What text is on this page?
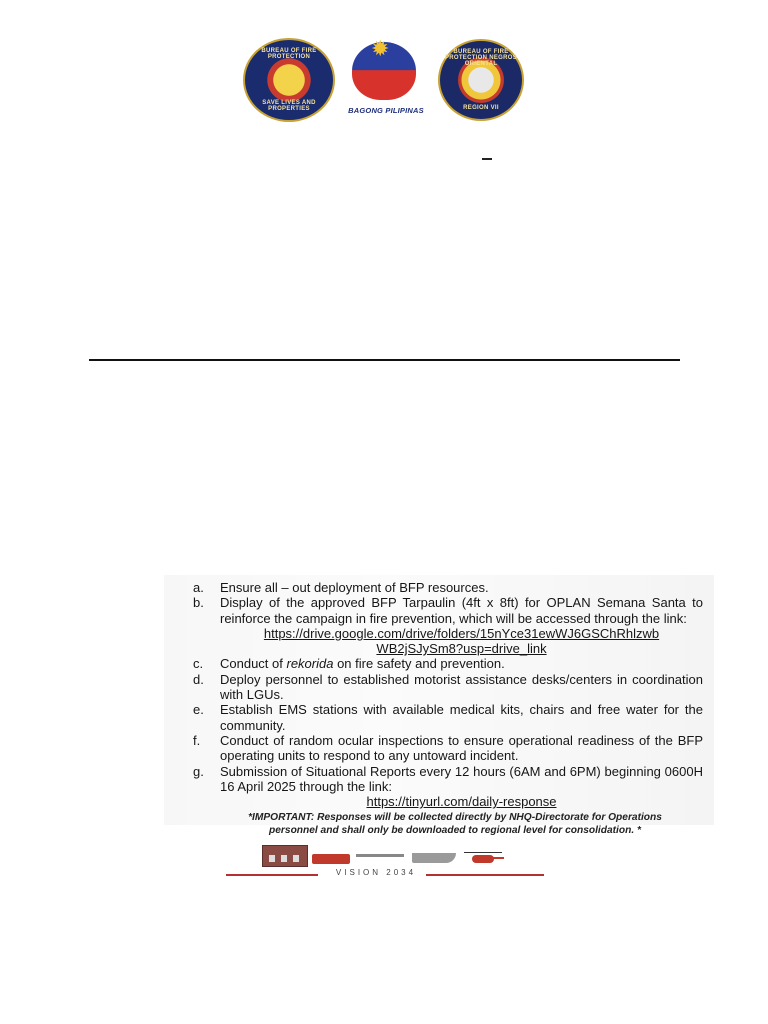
BUREAU OF FIRE PROTECTION
SAVE LIVES AND PROPERTIES
✹
BAGONG PILIPINAS
BUREAU OF FIRE PROTECTION NEGROS ORIENTAL
REGION VII
a.	Ensure all – out deployment of BFP resources.
b.	Display of the approved BFP Tarpaulin (4ft x 8ft) for OPLAN Semana Santa to reinforce the campaign in fire prevention, which will be accessed through the link:
https://drive.google.com/drive/folders/15nYce31ewWJ6GSChRhlzwb
WB2jSJySm8?usp=drive_link
c.	Conduct of rekorida on fire safety and prevention.
d.	Deploy personnel to established motorist assistance desks/centers in coordination with LGUs.
e.	Establish EMS stations with available medical kits, chairs and free water for the community.
f.	Conduct of random ocular inspections to ensure operational readiness of the BFP operating units to respond to any untoward incident.
g.	Submission of Situational Reports every 12 hours (6AM and 6PM) beginning 0600H 16 April 2025 through the link:
https://tinyurl.com/daily-response
*IMPORTANT: Responses will be collected directly by NHQ-Directorate for Operations
personnel and shall only be downloaded to regional level for consolidation. *
VISION 2034
